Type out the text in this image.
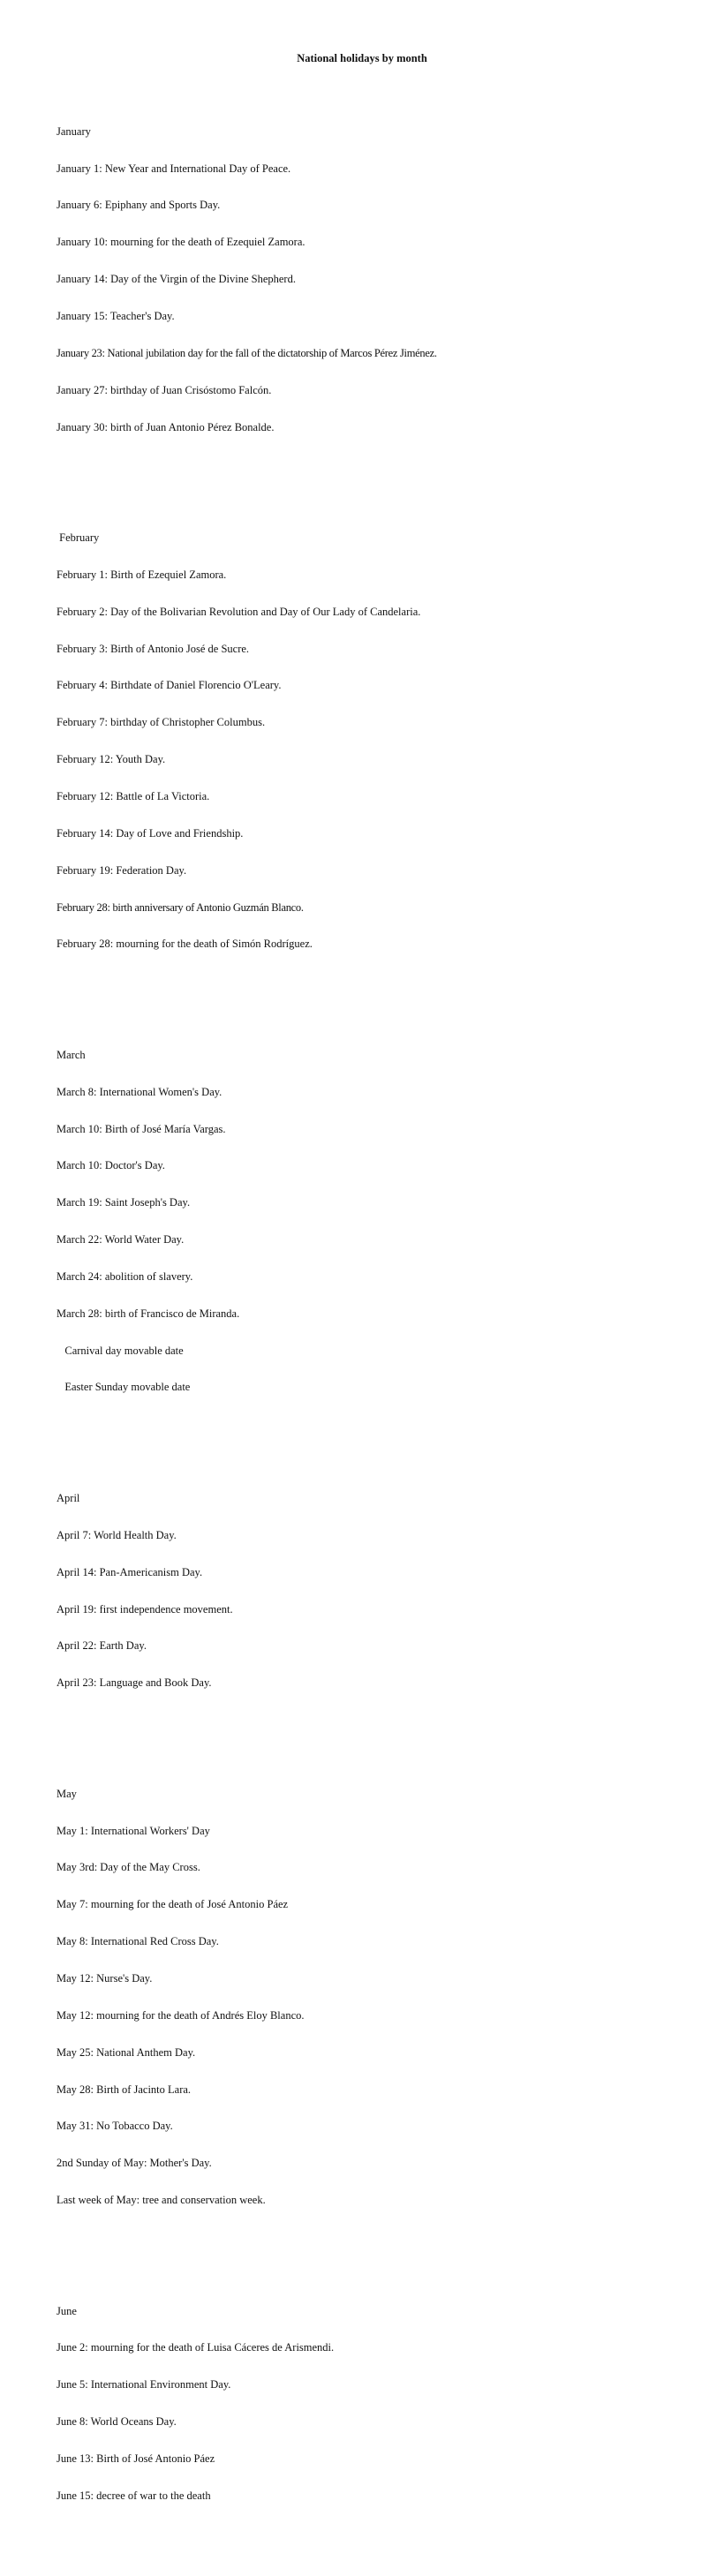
National holidays by month

January

January 1: New Year and International Day of Peace.

January 6: Epiphany and Sports Day.

January 10: mourning for the death of Ezequiel Zamora.

January 14: Day of the Virgin of the Divine Shepherd.

January 15: Teacher's Day.

January 23: National jubilation day for the fall of the dictatorship of Marcos Pérez Jiménez.

January 27: birthday of Juan Crisóstomo Falcón.

January 30: birth of Juan Antonio Pérez Bonalde.

February

February 1: Birth of Ezequiel Zamora.

February 2: Day of the Bolivarian Revolution and Day of Our Lady of Candelaria.

February 3: Birth of Antonio José de Sucre.

February 4: Birthdate of Daniel Florencio O'Leary.

February 7: birthday of Christopher Columbus.

February 12: Youth Day.

February 12: Battle of La Victoria.

February 14: Day of Love and Friendship.

February 19: Federation Day.

February 28: birth anniversary of Antonio Guzmán Blanco.

February 28: mourning for the death of Simón Rodríguez.

March

March 8: International Women's Day.

March 10: Birth of José María Vargas.

March 10: Doctor's Day.

March 19: Saint Joseph's Day.

March 22: World Water Day.

March 24: abolition of slavery.

March 28: birth of Francisco de Miranda.

Carnival day movable date

Easter Sunday movable date

April

April 7: World Health Day.

April 14: Pan-Americanism Day.

April 19: first independence movement.

April 22: Earth Day.

April 23: Language and Book Day.

May

May 1: International Workers' Day

May 3rd: Day of the May Cross.

May 7: mourning for the death of José Antonio Páez

May 8: International Red Cross Day.

May 12: Nurse's Day.

May 12: mourning for the death of Andrés Eloy Blanco.

May 25: National Anthem Day.

May 28: Birth of Jacinto Lara.

May 31: No Tobacco Day.

2nd Sunday of May: Mother's Day.

Last week of May: tree and conservation week.

June

June 2: mourning for the death of Luisa Cáceres de Arismendi.

June 5: International Environment Day.

June 8: World Oceans Day.

June 13: Birth of José Antonio Páez

June 15: decree of war to the death
